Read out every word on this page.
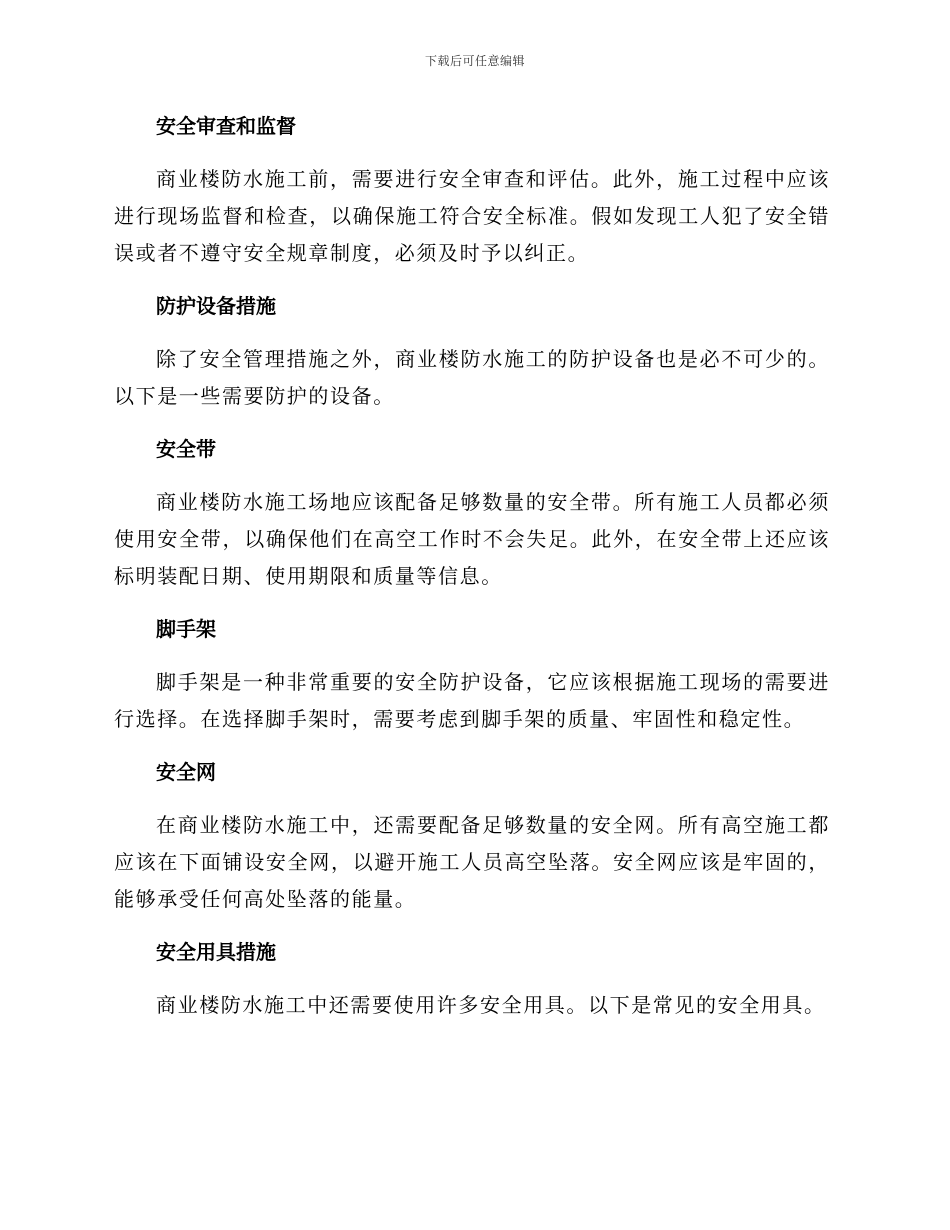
下载后可任意编辑
安全审查和监督

商业楼防水施工前，需要进行安全审查和评估。此外，施工过程中应该进行现场监督和检查，以确保施工符合安全标准。假如发现工人犯了安全错误或者不遵守安全规章制度，必须及时予以纠正。

防护设备措施

除了安全管理措施之外，商业楼防水施工的防护设备也是必不可少的。以下是一些需要防护的设备。

安全带

商业楼防水施工场地应该配备足够数量的安全带。所有施工人员都必须使用安全带，以确保他们在高空工作时不会失足。此外，在安全带上还应该标明装配日期、使用期限和质量等信息。

脚手架

脚手架是一种非常重要的安全防护设备，它应该根据施工现场的需要进行选择。在选择脚手架时，需要考虑到脚手架的质量、牢固性和稳定性。

安全网

在商业楼防水施工中，还需要配备足够数量的安全网。所有高空施工都应该在下面铺设安全网，以避开施工人员高空坠落。安全网应该是牢固的，能够承受任何高处坠落的能量。

安全用具措施

商业楼防水施工中还需要使用许多安全用具。以下是常见的安全用具。
